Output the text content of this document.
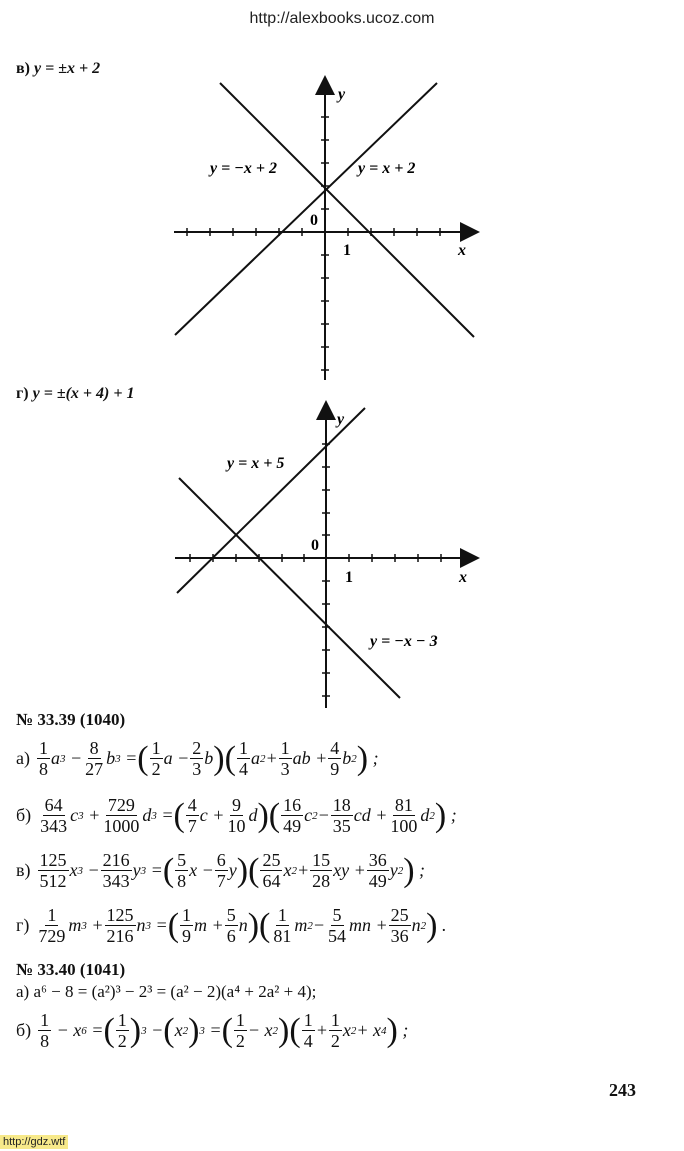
http://alexbooks.ucoz.com
в) y = ±x + 2
y
x
0
1
y = −x + 2	y = x + 2
г) y = ±(x + 4) + 1
y
x
0
1
y = x + 5
y = −x − 3
№ 33.39 (1040)
$а) \frac{1}{8}$ a $3 - \frac{8}{27}$ b 3 = ( $\frac{1}{2}$ $a - \frac{2}{3}$ b ) ( $\frac{1}{4}$ a $2 + \frac{1}{3}$ ab + $\frac{4}{9}$ b 2 ) ;
$б) \frac{64}{343}$ c $3 + \frac{729}{1000}$ d 3 = ( $\frac{4}{7}$ $c + \frac{9}{10}$ d ) ( $\frac{16}{49}$ c $2 - \frac{18}{35}$ cd + $\frac{81}{100}$ d 2 ) ;
$в) \frac{125}{512}$ x $3 - \frac{216}{343}$ y 3 = ( $\frac{5}{8}$ $x - \frac{6}{7}$ y ) ( $\frac{25}{64}$ x $2 + \frac{15}{28}$ xy + $\frac{36}{49}$ y 2 ) ;
$г) \frac{1}{729}$ m $3 + \frac{125}{216}$ n 3 = ( $\frac{1}{9}$ $m + \frac{5}{6}$ n ) ( $\frac{1}{81}$ m $2 - \frac{5}{54}$ mn + $\frac{25}{36}$ n 2 ) .
№ 33.40 (1041)
а) a⁶ − 8 = (a²)³ − 2³ = (a² − 2)(a⁴ + 2a² + 4);
$б) \frac{1}{8} - x$ 6 = ( $\frac{1}{2}$ ) 3 − ( x 2 ) 3 = ( $\frac{1}{2} - x$ 2 ) ( $\frac{1}{4} + \frac{1}{2}$ x 2 + x 4 ) ;
243
http://gdz.wtf
